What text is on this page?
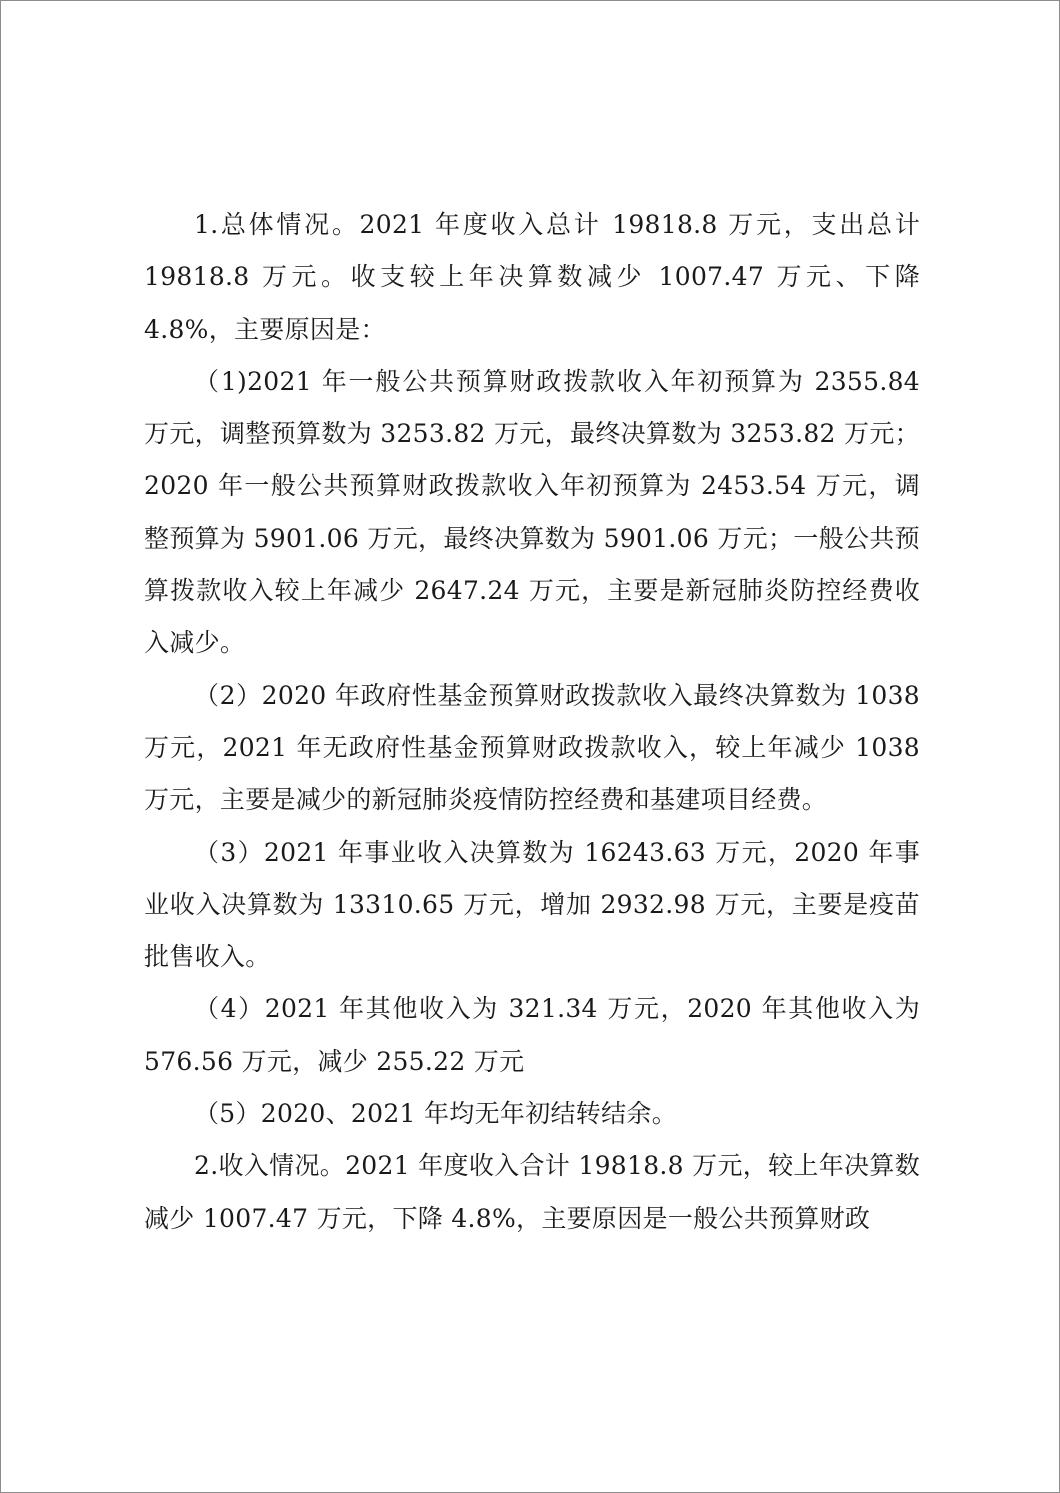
1.总体情况。2021 年度收入总计 19818.8 万元，支出总计 19818.8 万元。收支较上年决算数减少 1007.47 万元、下降 4.8%，主要原因是：

（1)2021 年一般公共预算财政拨款收入年初预算为 2355.84 万元，调整预算数为 3253.82 万元，最终决算数为 3253.82 万元；2020 年一般公共预算财政拨款收入年初预算为 2453.54 万元，调整预算为 5901.06 万元，最终决算数为 5901.06 万元；一般公共预算拨款收入较上年减少 2647.24 万元，主要是新冠肺炎防控经费收入减少。

（2）2020 年政府性基金预算财政拨款收入最终决算数为 1038 万元，2021 年无政府性基金预算财政拨款收入，较上年减少 1038 万元，主要是减少的新冠肺炎疫情防控经费和基建项目经费。

（3）2021 年事业收入决算数为 16243.63 万元，2020 年事业收入决算数为 13310.65 万元，增加 2932.98 万元，主要是疫苗批售收入。

（4）2021 年其他收入为 321.34 万元，2020 年其他收入为 576.56 万元，减少 255.22 万元

（5）2020、2021 年均无年初结转结余。

2.收入情况。2021 年度收入合计 19818.8 万元，较上年决算数减少 1007.47 万元，下降 4.8%，主要原因是一般公共预算财政
